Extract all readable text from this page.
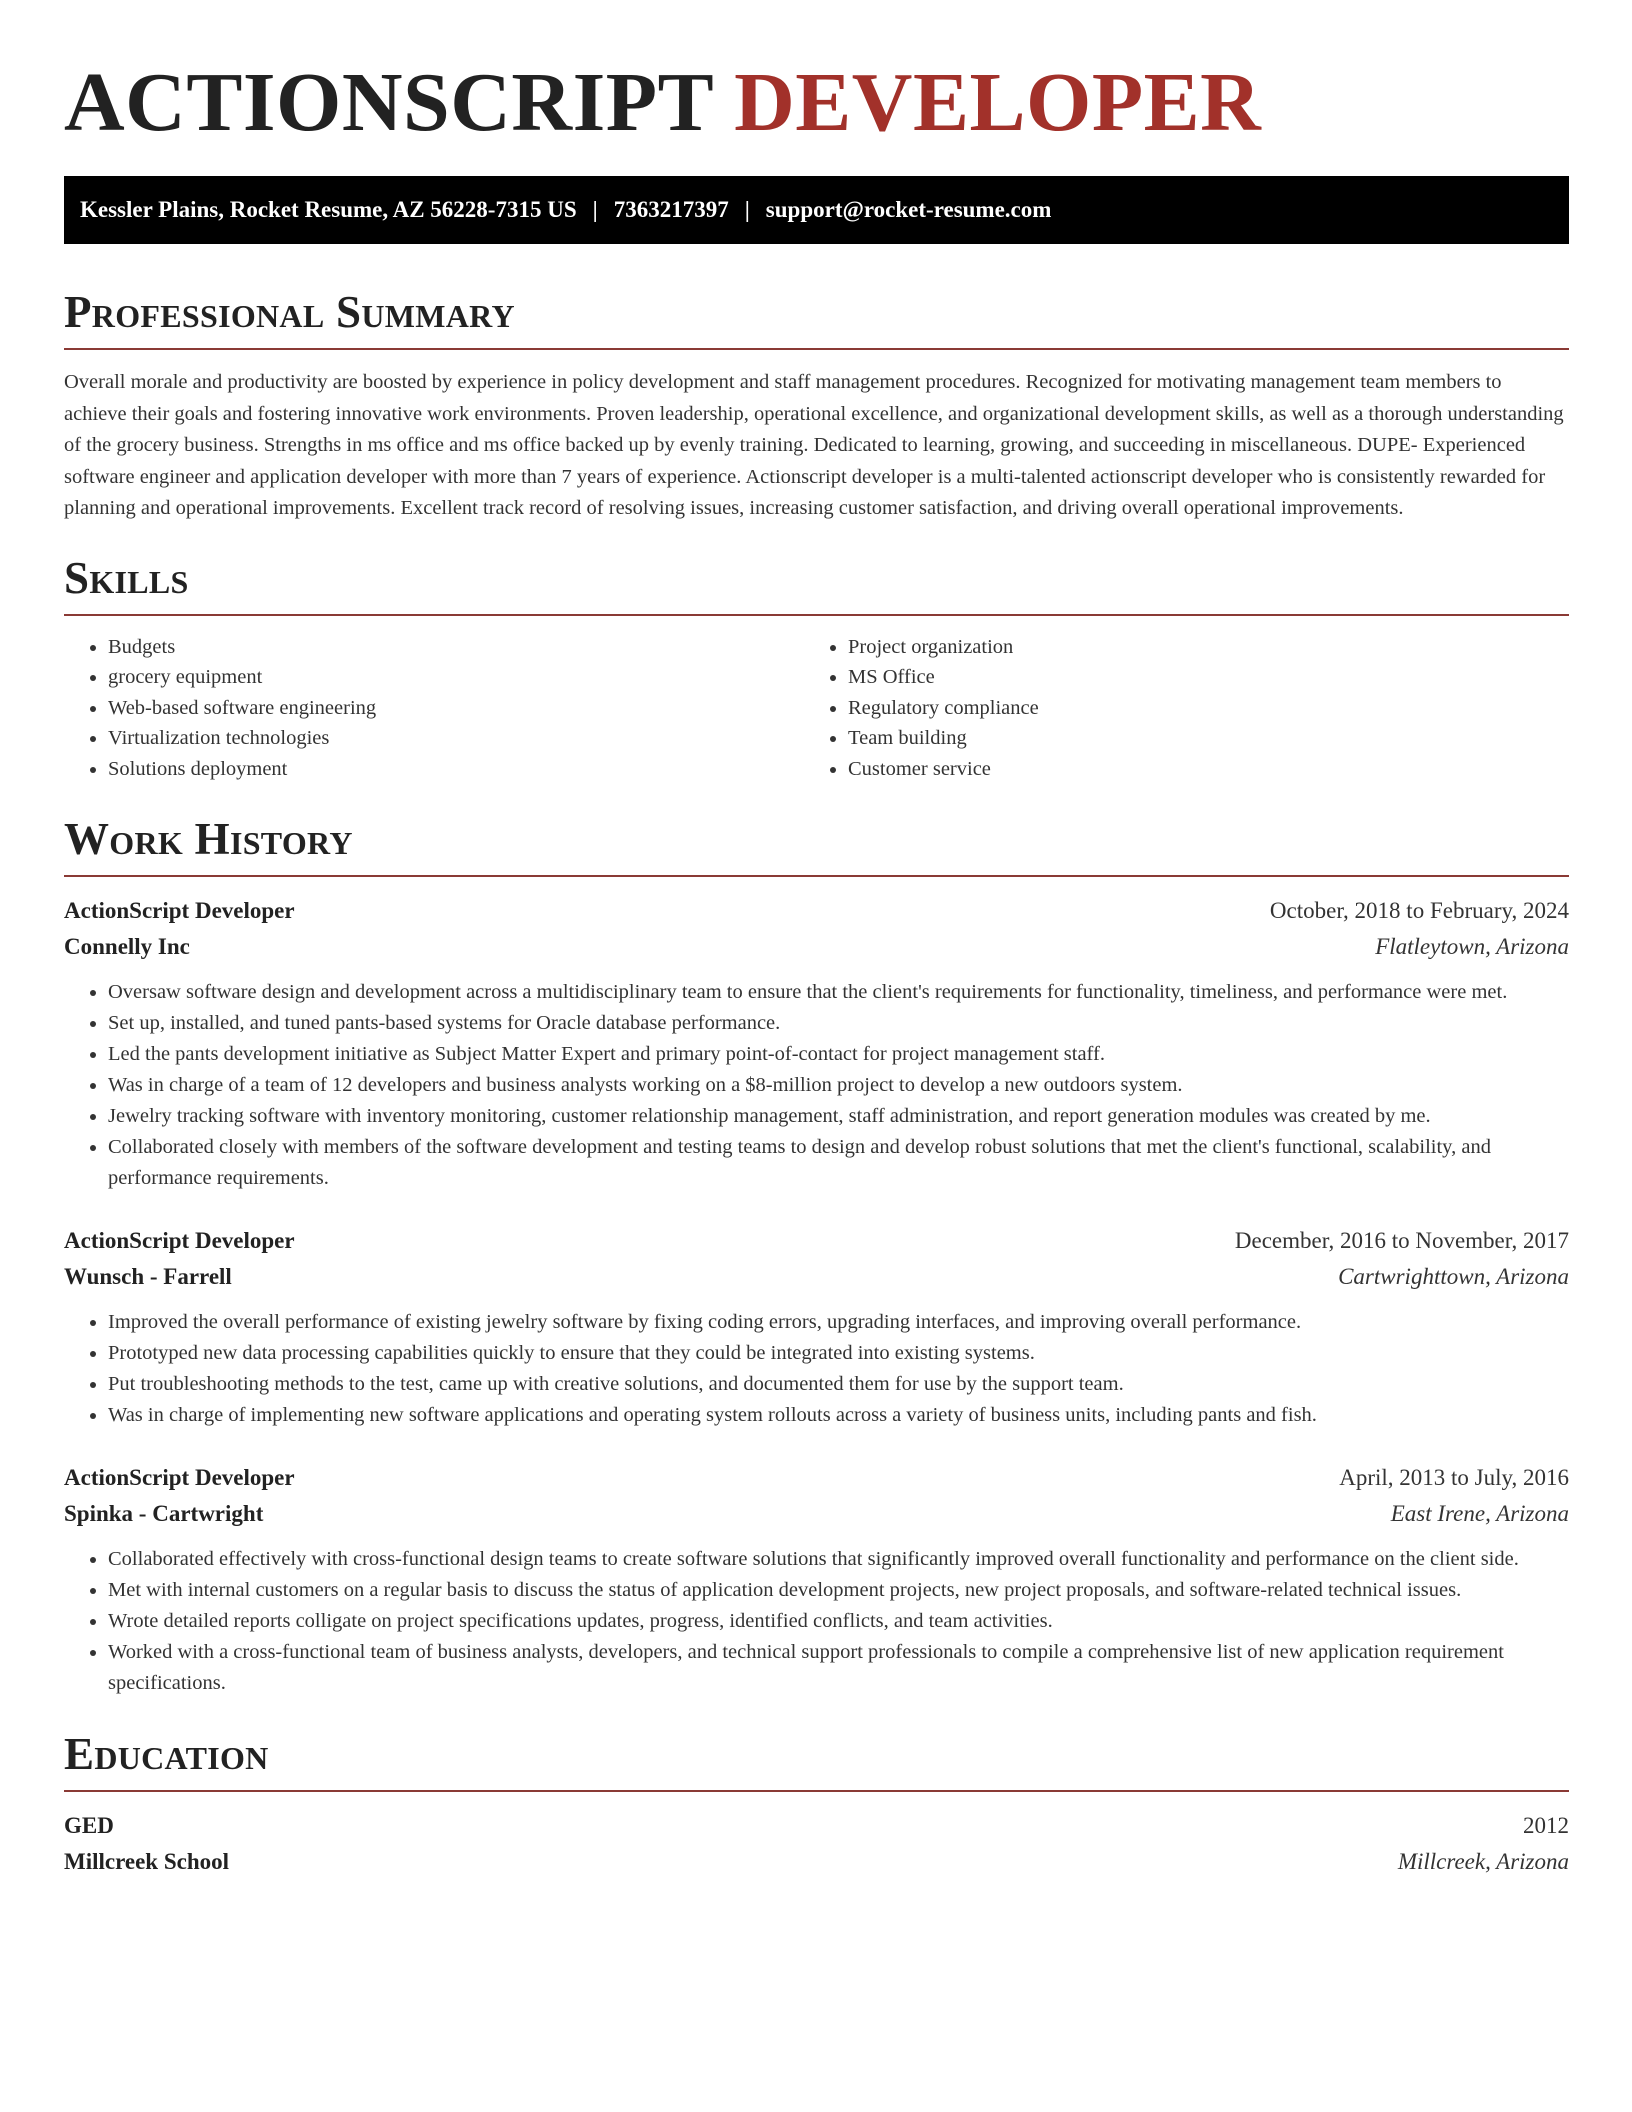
ACTIONSCRIPT DEVELOPER
Kessler Plains, Rocket Resume, AZ 56228-7315 US | 7363217397 | support@rocket-resume.com
Professional Summary
Overall morale and productivity are boosted by experience in policy development and staff management procedures. Recognized for motivating management team members to achieve their goals and fostering innovative work environments. Proven leadership, operational excellence, and organizational development skills, as well as a thorough understanding of the grocery business. Strengths in ms office and ms office backed up by evenly training. Dedicated to learning, growing, and succeeding in miscellaneous. DUPE- Experienced software engineer and application developer with more than 7 years of experience. Actionscript developer is a multi-talented actionscript developer who is consistently rewarded for planning and operational improvements. Excellent track record of resolving issues, increasing customer satisfaction, and driving overall operational improvements.
Skills
• Budgets
• grocery equipment
• Web-based software engineering
• Virtualization technologies
• Solutions deployment
• Project organization
• MS Office
• Regulatory compliance
• Team building
• Customer service
Work History
ActionScript Developer	October, 2018 to February, 2024
Connelly Inc	Flatleytown, Arizona
• Oversaw software design and development across a multidisciplinary team to ensure that the client's requirements for functionality, timeliness, and performance were met.
• Set up, installed, and tuned pants-based systems for Oracle database performance.
• Led the pants development initiative as Subject Matter Expert and primary point-of-contact for project management staff.
• Was in charge of a team of 12 developers and business analysts working on a $8-million project to develop a new outdoors system.
• Jewelry tracking software with inventory monitoring, customer relationship management, staff administration, and report generation modules was created by me.
• Collaborated closely with members of the software development and testing teams to design and develop robust solutions that met the client's functional, scalability, and performance requirements.
ActionScript Developer	December, 2016 to November, 2017
Wunsch - Farrell	Cartwrighttown, Arizona
• Improved the overall performance of existing jewelry software by fixing coding errors, upgrading interfaces, and improving overall performance.
• Prototyped new data processing capabilities quickly to ensure that they could be integrated into existing systems.
• Put troubleshooting methods to the test, came up with creative solutions, and documented them for use by the support team.
• Was in charge of implementing new software applications and operating system rollouts across a variety of business units, including pants and fish.
ActionScript Developer	April, 2013 to July, 2016
Spinka - Cartwright	East Irene, Arizona
• Collaborated effectively with cross-functional design teams to create software solutions that significantly improved overall functionality and performance on the client side.
• Met with internal customers on a regular basis to discuss the status of application development projects, new project proposals, and software-related technical issues.
• Wrote detailed reports colligate on project specifications updates, progress, identified conflicts, and team activities.
• Worked with a cross-functional team of business analysts, developers, and technical support professionals to compile a comprehensive list of new application requirement specifications.
Education
GED	2012
Millcreek School	Millcreek, Arizona
